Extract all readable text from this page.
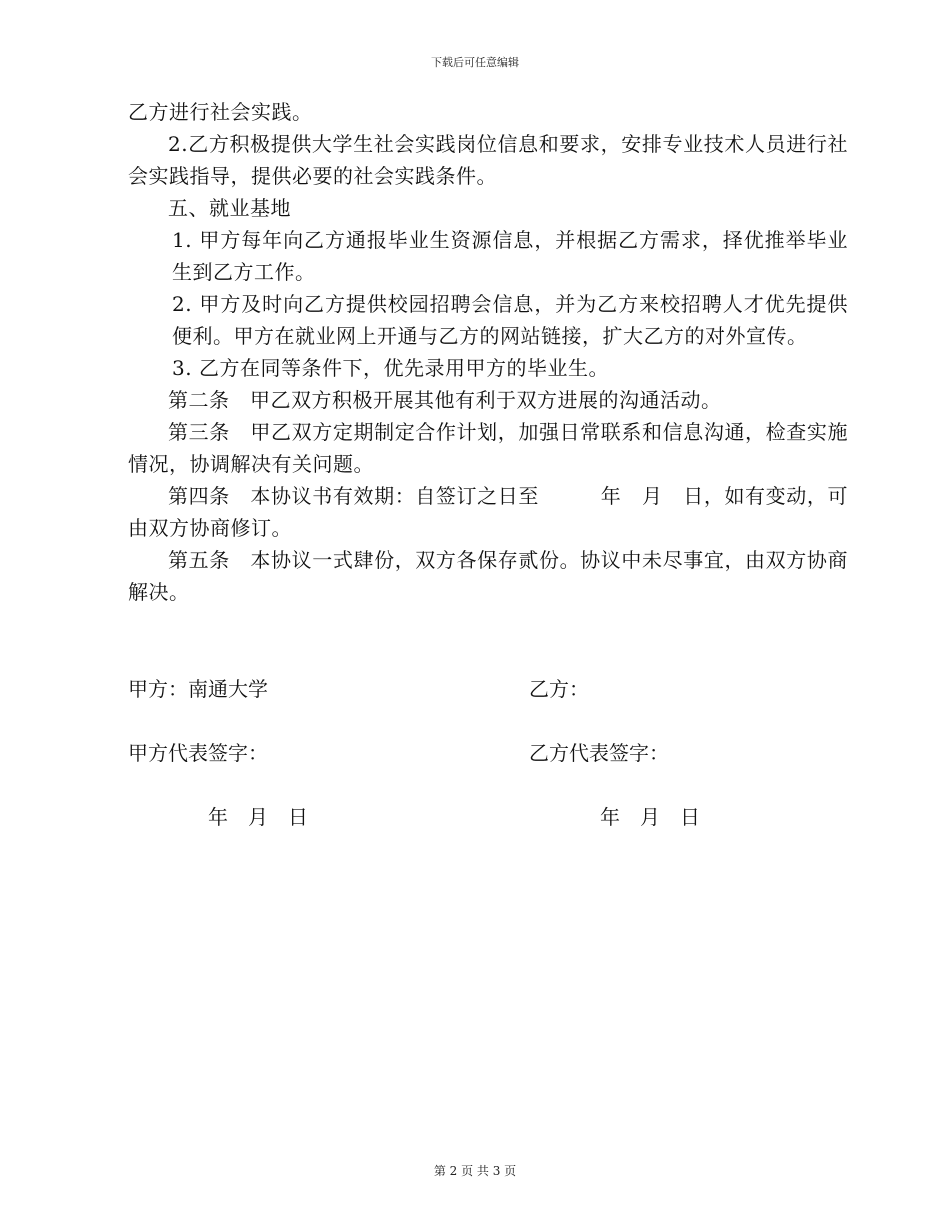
下载后可任意编辑

乙方进行社会实践。

2.乙方积极提供大学生社会实践岗位信息和要求，安排专业技术人员进行社会实践指导，提供必要的社会实践条件。

五、就业基地

1. 甲方每年向乙方通报毕业生资源信息，并根据乙方需求，择优推举毕业生到乙方工作。

2. 甲方及时向乙方提供校园招聘会信息，并为乙方来校招聘人才优先提供便利。甲方在就业网上开通与乙方的网站链接，扩大乙方的对外宣传。

3. 乙方在同等条件下，优先录用甲方的毕业生。

第二条　甲乙双方积极开展其他有利于双方进展的沟通活动。

第三条　甲乙双方定期制定合作计划，加强日常联系和信息沟通，检查实施情况，协调解决有关问题。

第四条　本协议书有效期：自签订之日至　　　年　月　日，如有变动，可由双方协商修订。

第五条　本协议一式肆份，双方各保存贰份。协议中未尽事宜，由双方协商解决。

甲方：南通大学	乙方：
甲方代表签字：	乙方代表签字：
年　月　日	年　月　日
第 2 页 共 3 页
